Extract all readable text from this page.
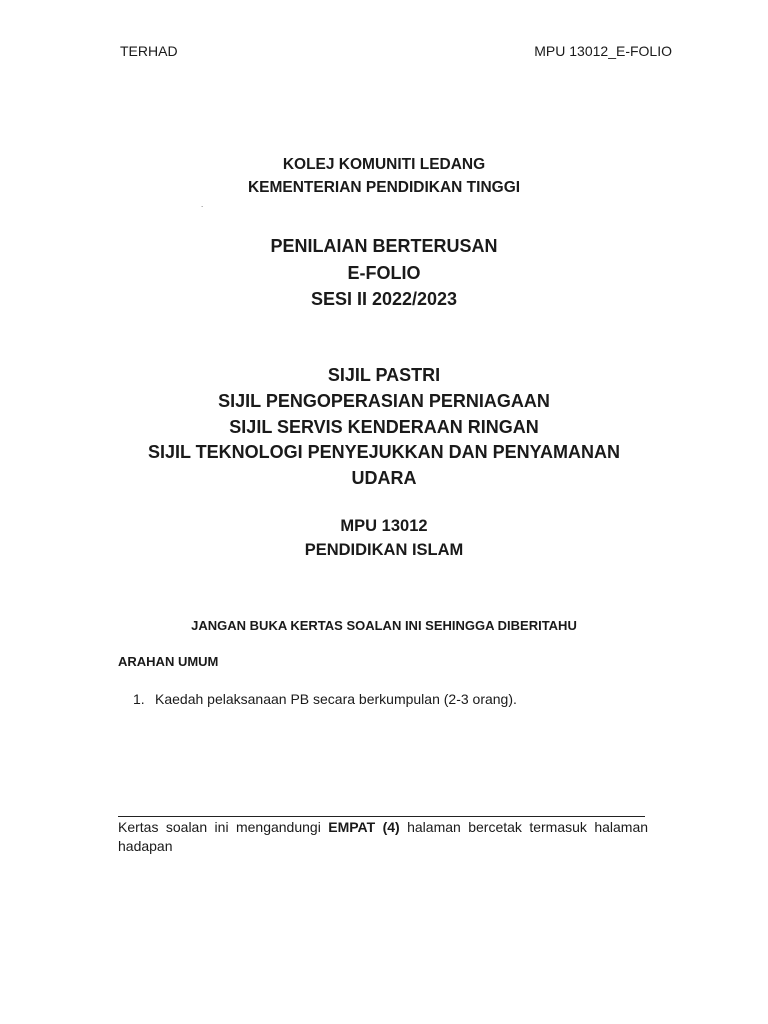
TERHAD	MPU 13012_E-FOLIO
KOLEJ KOMUNITI LEDANG
KEMENTERIAN PENDIDIKAN TINGGI
.
PENILAIAN BERTERUSAN
E-FOLIO
SESI II 2022/2023
SIJIL PASTRI
SIJIL PENGOPERASIAN PERNIAGAAN
SIJIL SERVIS KENDERAAN RINGAN
SIJIL TEKNOLOGI PENYEJUKKAN DAN PENYAMANAN
UDARA
MPU 13012
PENDIDIKAN ISLAM
JANGAN BUKA KERTAS SOALAN INI SEHINGGA DIBERITAHU
ARAHAN UMUM
1. Kaedah pelaksanaan PB secara berkumpulan (2-3 orang).
Kertas soalan ini mengandungi EMPAT (4) halaman bercetak termasuk halaman hadapan
